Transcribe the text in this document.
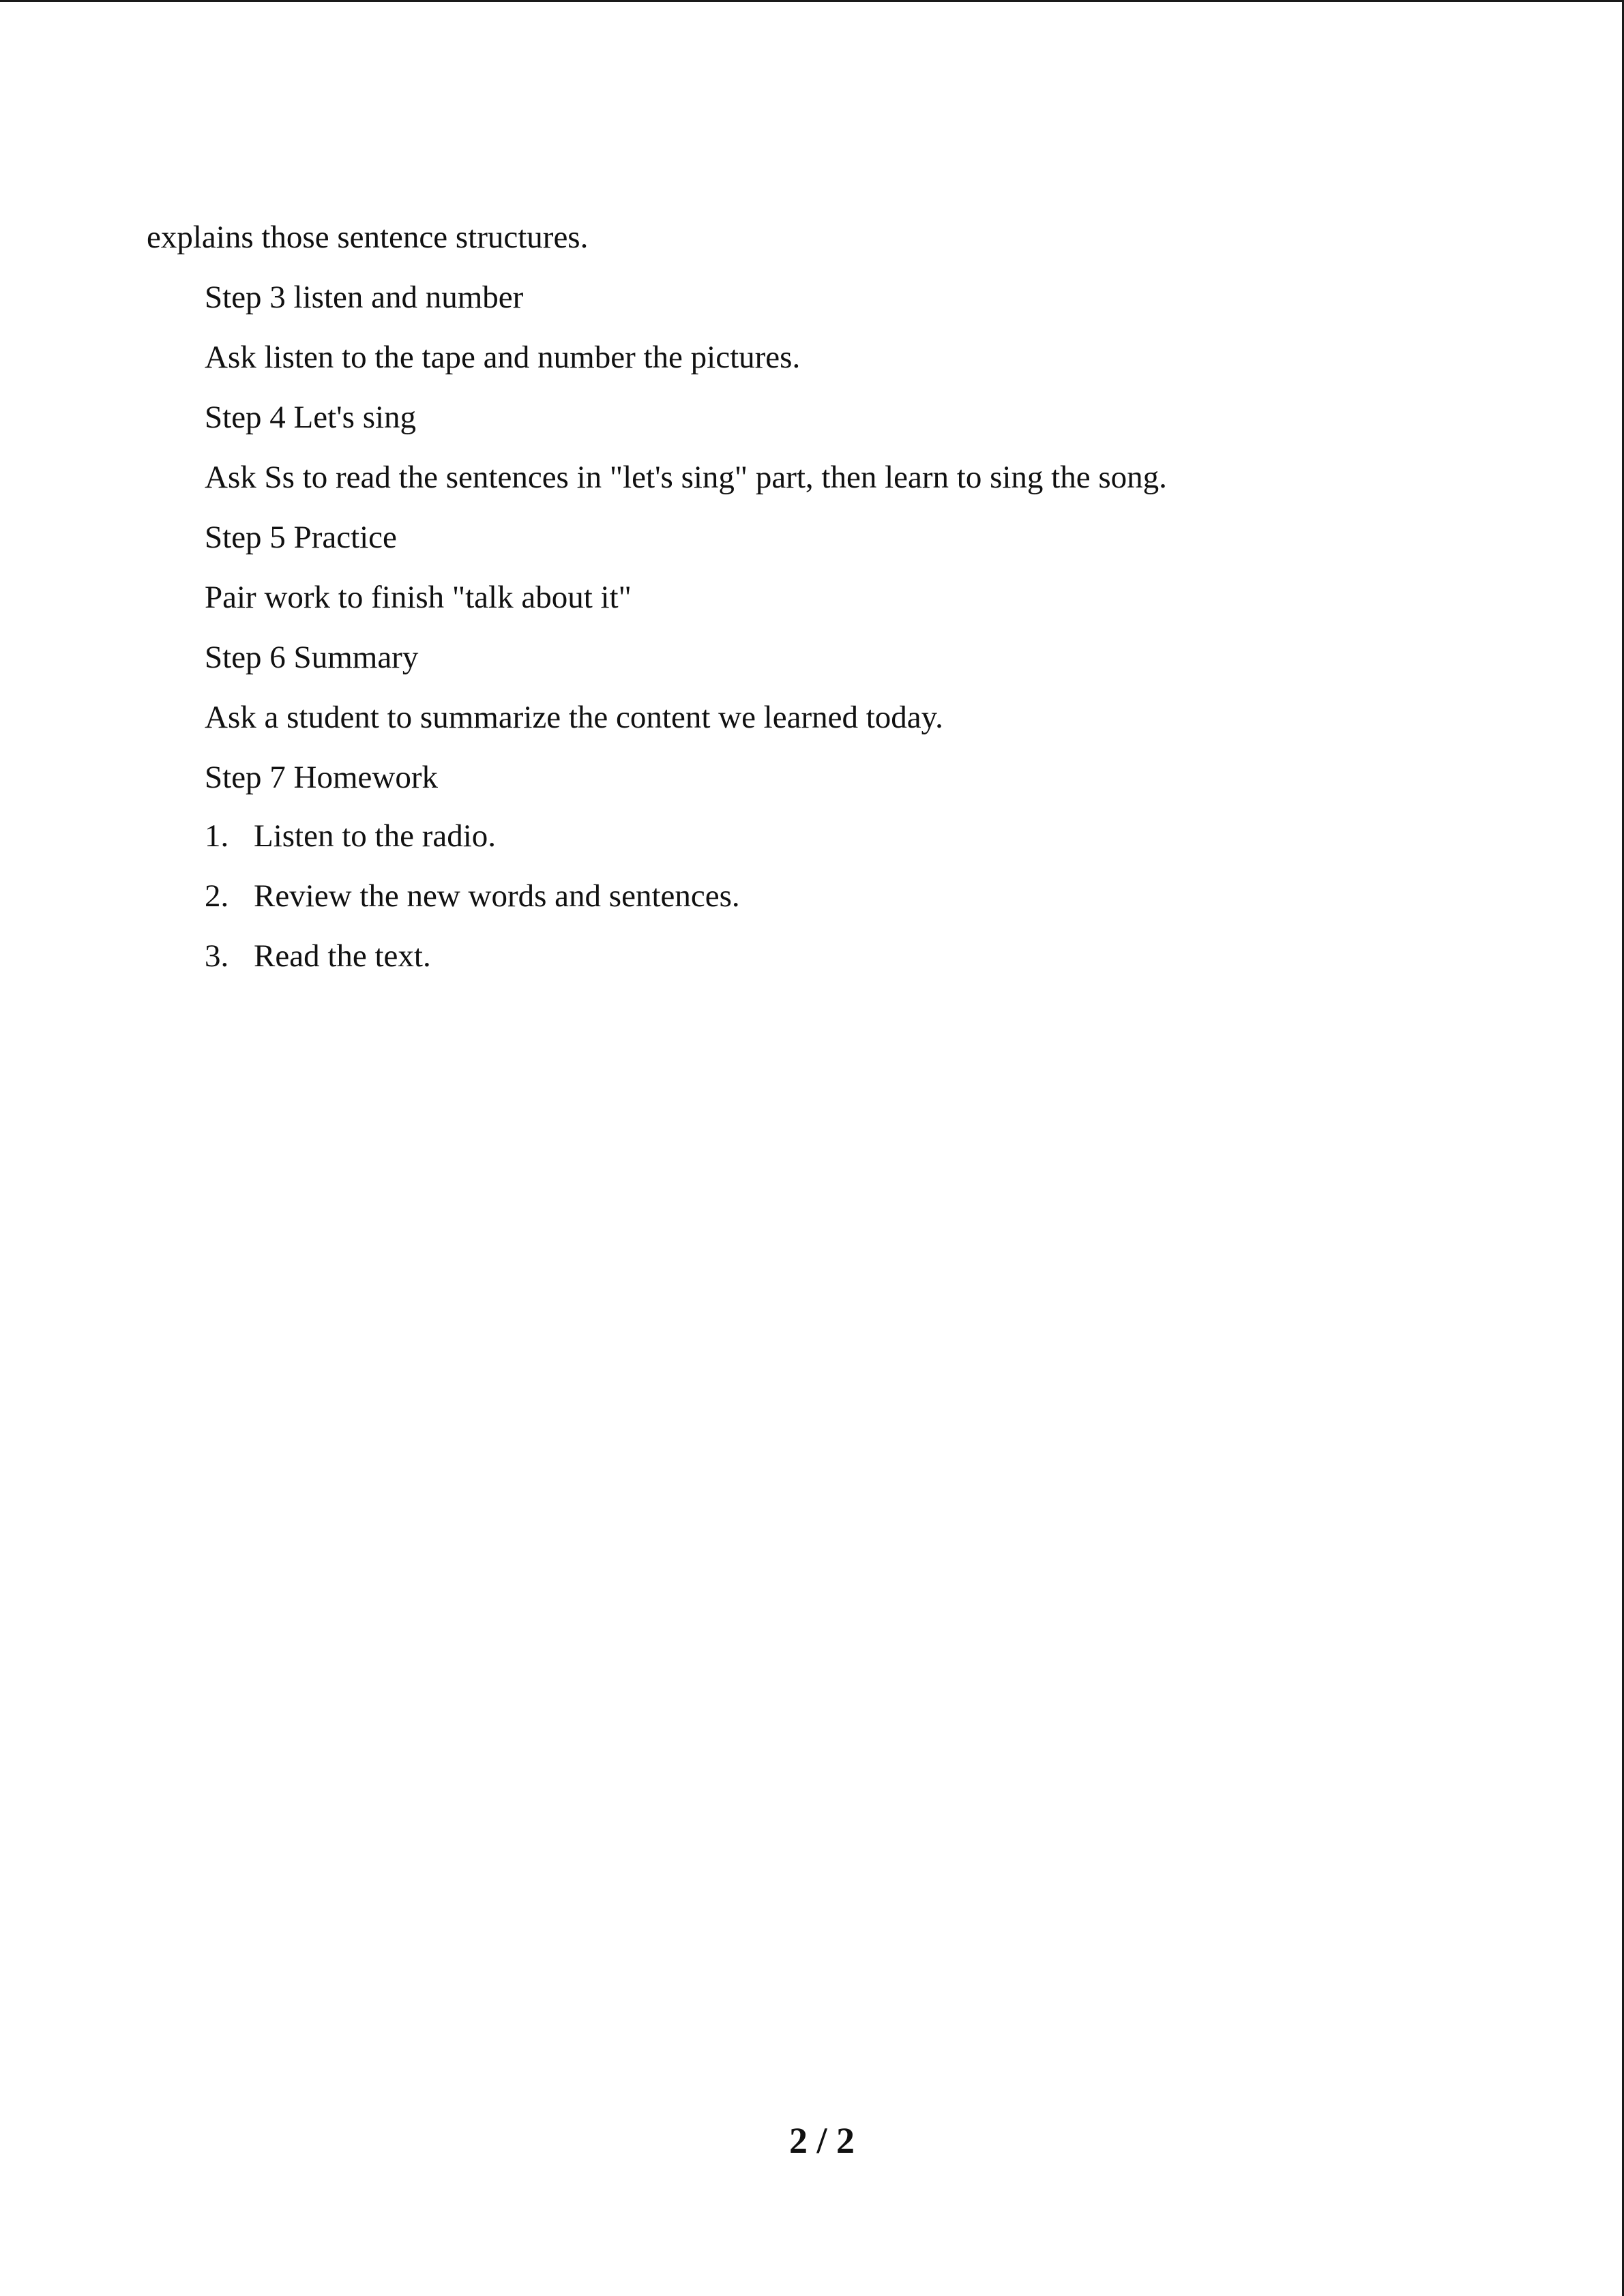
explains those sentence structures.
Step 3 listen and number
Ask listen to the tape and number the pictures.
Step 4 Let's sing
Ask Ss to read the sentences in "let's sing" part, then learn to sing the song.
Step 5 Practice
Pair work to finish "talk about it"
Step 6 Summary
Ask a student to summarize the content we learned today.
Step 7 Homework
1. Listen to the radio.
2. Review the new words and sentences.
3. Read the text.
2 / 2
